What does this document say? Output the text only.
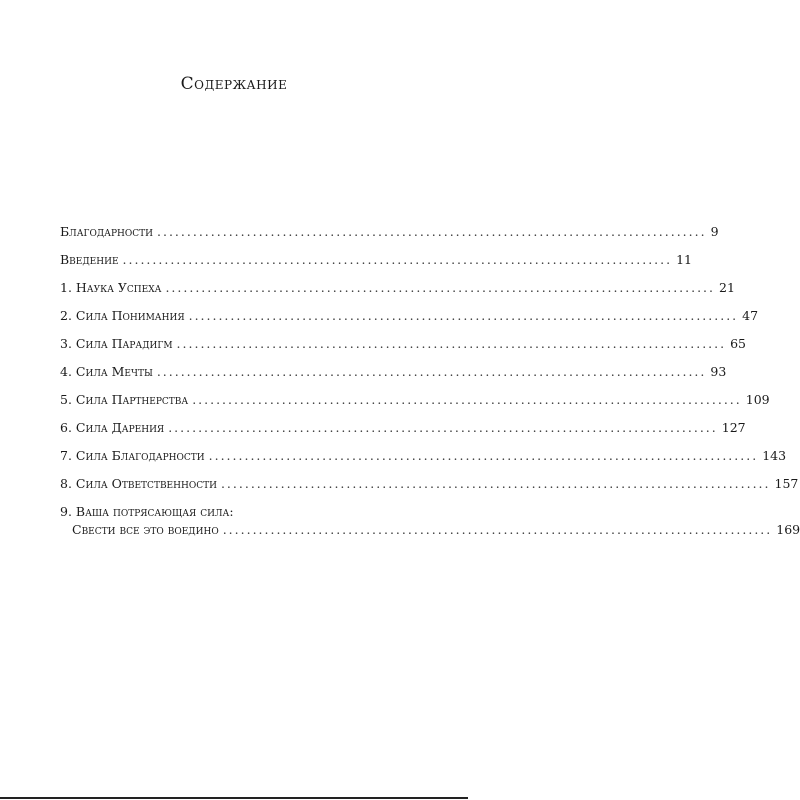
Содержание
Благодарности ............................................................................................ 9
Введение ............................................................................................ 11
1. Наука Успеха ............................................................................................ 21
2. Сила Понимания ............................................................................................ 47
3. Сила Парадигм ............................................................................................ 65
4. Сила Мечты ............................................................................................ 93
5. Сила Партнерства ............................................................................................ 109
6. Сила Дарения ............................................................................................ 127
7. Сила Благодарности ............................................................................................ 143
8. Сила Ответственности ............................................................................................ 157
9. Ваша потрясающая сила:
Свести все это воедино ............................................................................................ 169
